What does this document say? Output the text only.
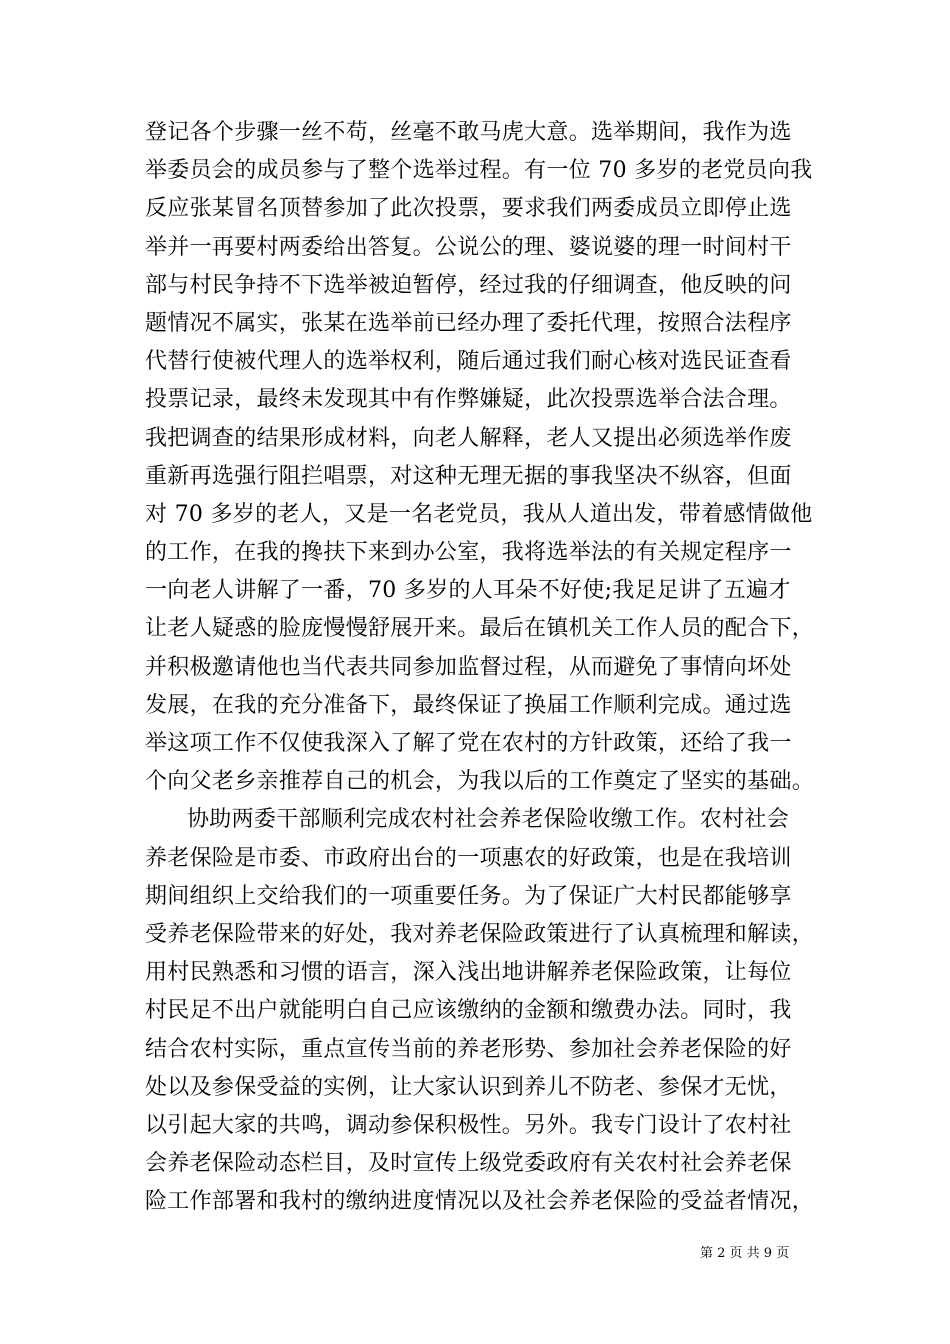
登记各个步骤一丝不苟，丝毫不敢马虎大意。选举期间，我作为选
举委员会的成员参与了整个选举过程。有一位 70 多岁的老党员向我
反应张某冒名顶替参加了此次投票，要求我们两委成员立即停止选
举并一再要村两委给出答复。公说公的理、婆说婆的理一时间村干
部与村民争持不下选举被迫暂停，经过我的仔细调查，他反映的问
题情况不属实，张某在选举前已经办理了委托代理，按照合法程序
代替行使被代理人的选举权利，随后通过我们耐心核对选民证查看
投票记录，最终未发现其中有作弊嫌疑，此次投票选举合法合理。
我把调查的结果形成材料，向老人解释，老人又提出必须选举作废
重新再选强行阻拦唱票，对这种无理无据的事我坚决不纵容，但面
对 70 多岁的老人，又是一名老党员，我从人道出发，带着感情做他
的工作，在我的搀扶下来到办公室，我将选举法的有关规定程序一
一向老人讲解了一番，70 多岁的人耳朵不好使;我足足讲了五遍才
让老人疑惑的脸庞慢慢舒展开来。最后在镇机关工作人员的配合下，
并积极邀请他也当代表共同参加监督过程，从而避免了事情向坏处
发展，在我的充分准备下，最终保证了换届工作顺利完成。通过选
举这项工作不仅使我深入了解了党在农村的方针政策，还给了我一
个向父老乡亲推荐自己的机会，为我以后的工作奠定了坚实的基础。
协助两委干部顺利完成农村社会养老保险收缴工作。农村社会
养老保险是市委、市政府出台的一项惠农的好政策，也是在我培训
期间组织上交给我们的一项重要任务。为了保证广大村民都能够享
受养老保险带来的好处，我对养老保险政策进行了认真梳理和解读，
用村民熟悉和习惯的语言，深入浅出地讲解养老保险政策，让每位
村民足不出户就能明白自己应该缴纳的金额和缴费办法。同时，我
结合农村实际，重点宣传当前的养老形势、参加社会养老保险的好
处以及参保受益的实例，让大家认识到养儿不防老、参保才无忧，
以引起大家的共鸣，调动参保积极性。另外。我专门设计了农村社
会养老保险动态栏目，及时宣传上级党委政府有关农村社会养老保
险工作部署和我村的缴纳进度情况以及社会养老保险的受益者情况，
第 2 页 共 9 页
